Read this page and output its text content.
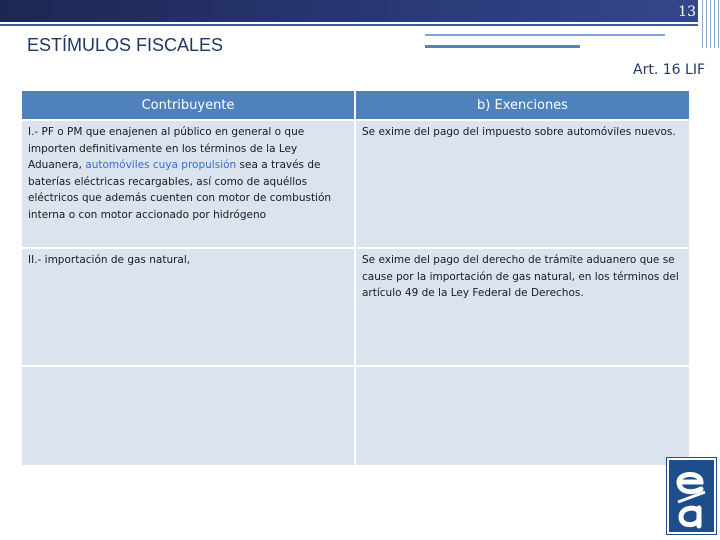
13
ESTÍMULOS FISCALES
Art. 16 LIF
Contribuyente	b) Exenciones
I.- PF o PM que enajenen al público en general o que importen definitivamente en los términos de la Ley Aduanera, automóviles cuya propulsión sea a través de baterías eléctricas recargables, así como de aquéllos eléctricos que además cuenten con motor de combustión interna o con motor accionado por hidrógeno	Se exime del pago del impuesto sobre automóviles nuevos.
II.- importación de gas natural,	Se exime del pago del derecho de trámite aduanero que se cause por la importación de gas natural, en los términos del artículo 49 de la Ley Federal de Derechos.
